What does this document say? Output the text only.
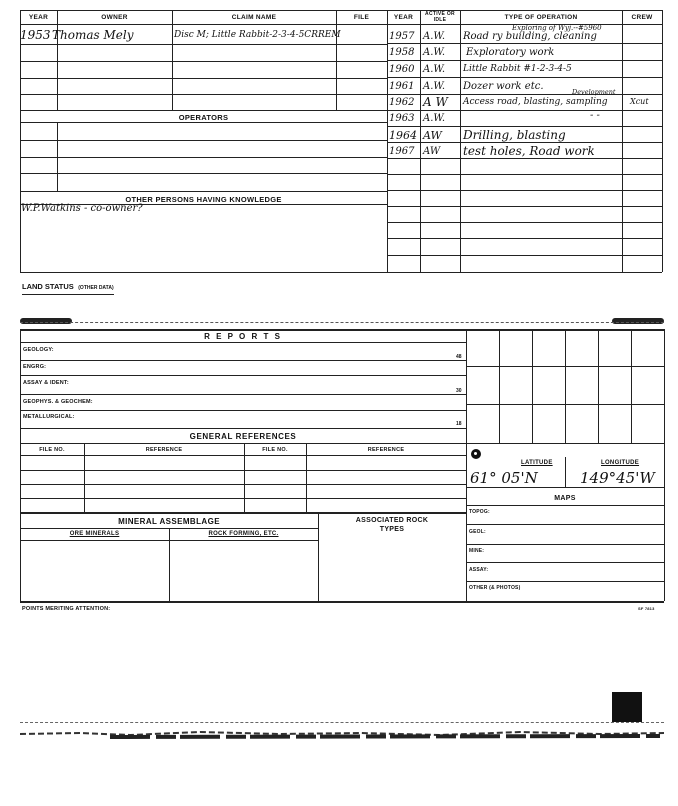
YEAR	OWNER	CLAIM NAME	FILE	YEAR	ACTIVE OR IDLE	TYPE OF OPERATION	CREW
1953 Thomas Mely	Disc M; Little Rabbit-2-3-4-5CRREM
Exploring of Wyj.--#5960
1957 A.W. Road ry building, cleaning
1958 A.W. Exploratory work
1960 A.W. Little Rabbit #1-2-3-4-5
1961 A.W. Dozer work etc.	Development
1962 A W Access road, blasting, sampling	Xcut
1963 A.W.	- -
1964 AW Drilling, blasting
1967 AW test holes, Road work
OPERATORS
OTHER PERSONS HAVING KNOWLEDGE
W.P.Watkins - co-owner?
LAND STATUS (OTHER DATA)
R E P O R T S
GEOLOGY:
48
ENGRG:
ASSAY & IDENT:
30
GEOPHYS. & GEOCHEM:
METALLURGICAL:
18
GENERAL REFERENCES
FILE NO.	REFERENCE	FILE NO.	REFERENCE
LATITUDE	LONGITUDE
61° 05'N	149°45'W
MAPS
TOPOG:
GEOL:
MINE:
ASSAY:
OTHER (& PHOTOS)
MINERAL ASSEMBLAGE	ASSOCIATED ROCK TYPES
ORE MINERALS	ROCK FORMING, ETC.
POINTS MERITING ATTENTION:	SF 7813
